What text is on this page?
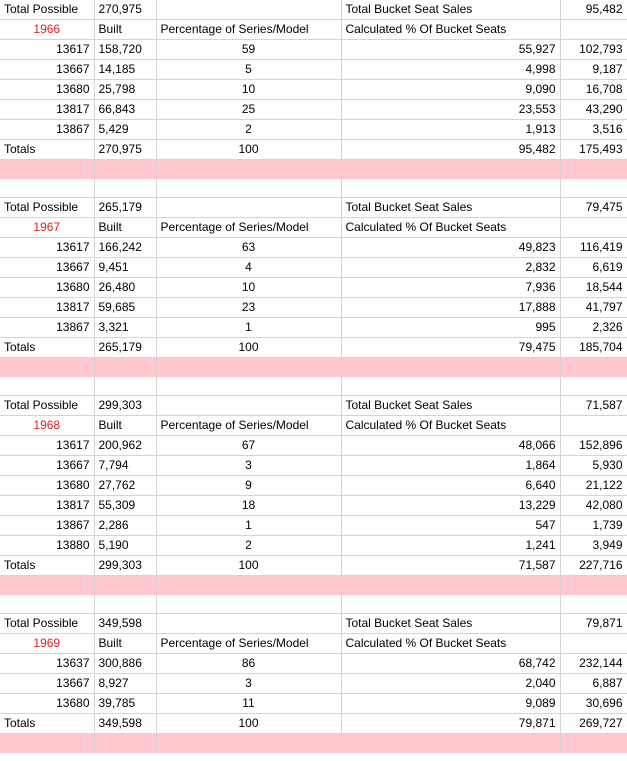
Total Possible	270,975		Total Bucket Seat Sales	95,482
1966	Built	Percentage of Series/Model	Calculated % Of Bucket Seats	
13617	158,720	59	55,927	102,793
13667	14,185	5	4,998	9,187
13680	25,798	10	9,090	16,708
13817	66,843	25	23,553	43,290
13867	5,429	2	1,913	3,516
Totals	270,975	100	95,482	175,493

Total Possible	265,179		Total Bucket Seat Sales	79,475
1967	Built	Percentage of Series/Model	Calculated % Of Bucket Seats	
13617	166,242	63	49,823	116,419
13667	9,451	4	2,832	6,619
13680	26,480	10	7,936	18,544
13817	59,685	23	17,888	41,797
13867	3,321	1	995	2,326
Totals	265,179	100	79,475	185,704

Total Possible	299,303		Total Bucket Seat Sales	71,587
1968	Built	Percentage of Series/Model	Calculated % Of Bucket Seats	
13617	200,962	67	48,066	152,896
13667	7,794	3	1,864	5,930
13680	27,762	9	6,640	21,122
13817	55,309	18	13,229	42,080
13867	2,286	1	547	1,739
13880	5,190	2	1,241	3,949
Totals	299,303	100	71,587	227,716

Total Possible	349,598		Total Bucket Seat Sales	79,871
1969	Built	Percentage of Series/Model	Calculated % Of Bucket Seats	
13637	300,886	86	68,742	232,144
13667	8,927	3	2,040	6,887
13680	39,785	11	9,089	30,696
Totals	349,598	100	79,871	269,727
